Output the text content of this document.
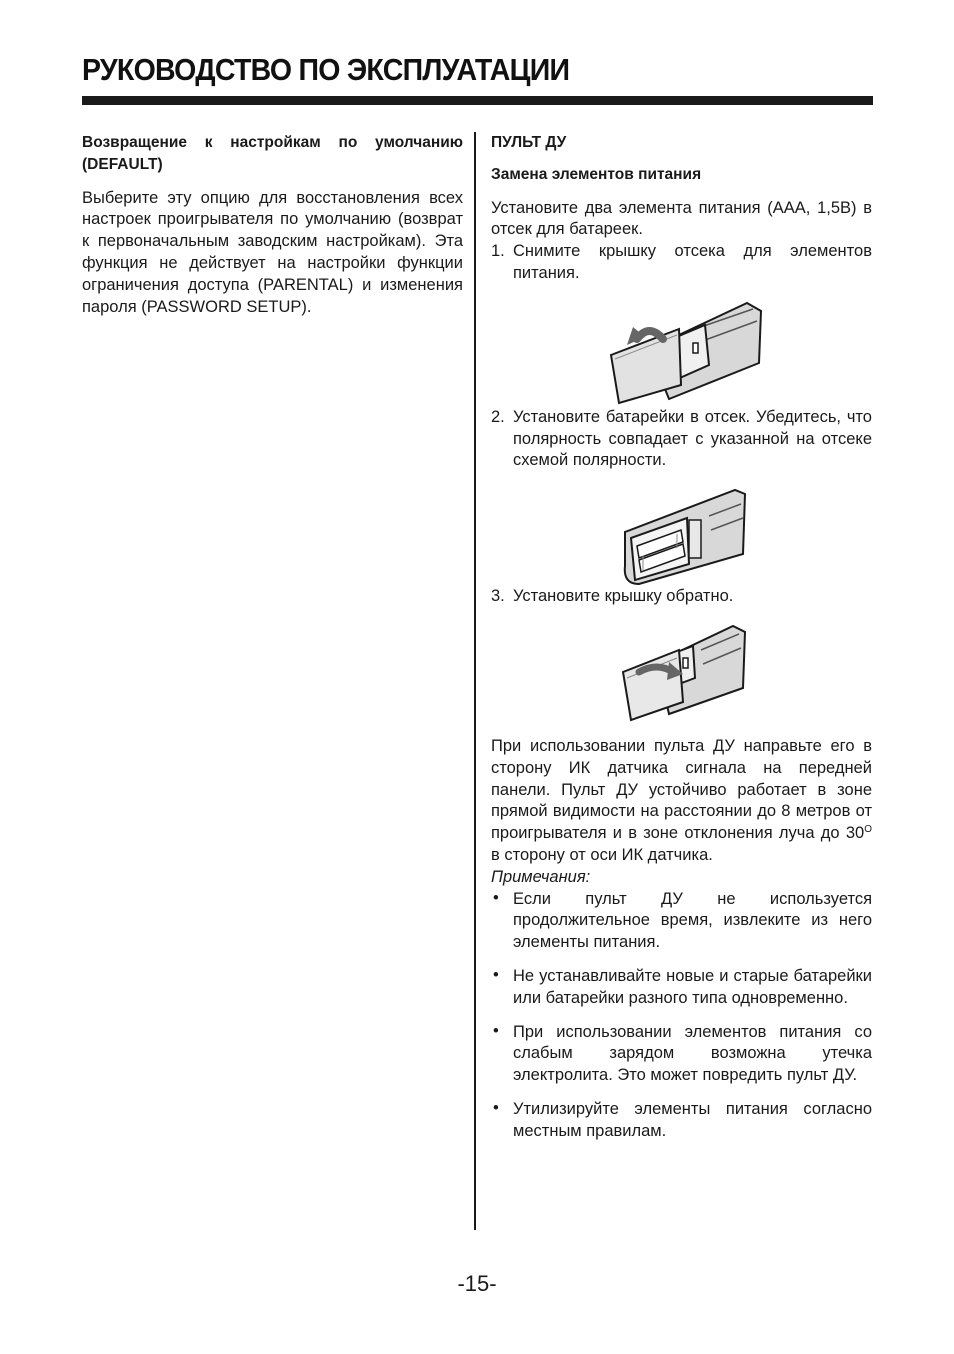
РУКОВОДСТВО ПО ЭКСПЛУАТАЦИИ

Возвращение к настройкам по умолчанию (DEFAULT)

Выберите эту опцию для восстановления всех настроек проигрывателя по умолчанию (возврат к первоначальным заводским настройкам). Эта функция не действует на настройки функции ограничения доступа (PARENTAL) и изменения пароля (PASSWORD SETUP).

ПУЛЬТ ДУ

Замена элементов питания

Установите два элемента питания (AAA, 1,5В) в отсек для батареек.

1. Снимите крышку отсека для элементов питания.
2. Установите батарейки в отсек. Убедитесь, что полярность совпадает с указанной на отсеке схемой полярности.
3. Установите крышку обратно.

При использовании пульта ДУ направьте его в сторону ИК датчика сигнала на передней панели. Пульт ДУ устойчиво работает в зоне прямой видимости на расстоянии до 8 метров от проигрывателя и в зоне отклонения луча до $30^O$ в сторону от оси ИК датчика.

Примечания:

• Если пульт ДУ не используется продолжительное время, извлеките из него элементы питания.
• Не устанавливайте новые и старые батарейки или батарейки разного типа одновременно.
• При использовании элементов питания со слабым зарядом возможна утечка электролита. Это может повредить пульт ДУ.
• Утилизируйте элементы питания согласно местным правилам.
-15-
